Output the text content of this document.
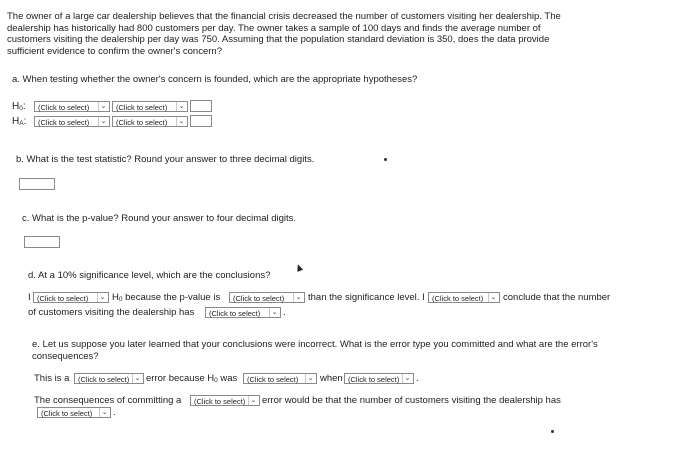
The owner of a large car dealership believes that the financial crisis decreased the number of customers visiting her dealership. The
dealership has historically had 800 customers per day. The owner takes a sample of 100 days and finds the average number of
customers visiting the dealership per day was 750. Assuming that the population standard deviation is 350, does the data provide
sufficient evidence to confirm the owner's concern?
a. When testing whether the owner's concern is founded, which are the appropriate hypotheses?
$H_0$:	(Click to select)	⌄	(Click to select)	⌄
$H_A$:	(Click to select)	⌄	(Click to select)	⌄
b. What is the test statistic? Round your answer to three decimal digits.
c. What is the p-value? Round your answer to four decimal digits.
d. At a 10% significance level, which are the conclusions?
I (Click to select)	⌄ $H_0$ because the p-value is	(Click to select)	⌄ than the significance level. I (Click to select)	⌄ conclude that the number
of customers visiting the dealership has	(Click to select)	⌄ .
e. Let us suppose you later learned that your conclusions were incorrect. What is the error type you committed and what are the error's
consequences?
This is a	(Click to select) ⌄ error because $H_0$ was	(Click to select)	⌄ when (Click to select) ⌄ .
The consequences of committing a	(Click to select) ⌄ error would be that the number of customers visiting the dealership has
(Click to select)	⌄ .
